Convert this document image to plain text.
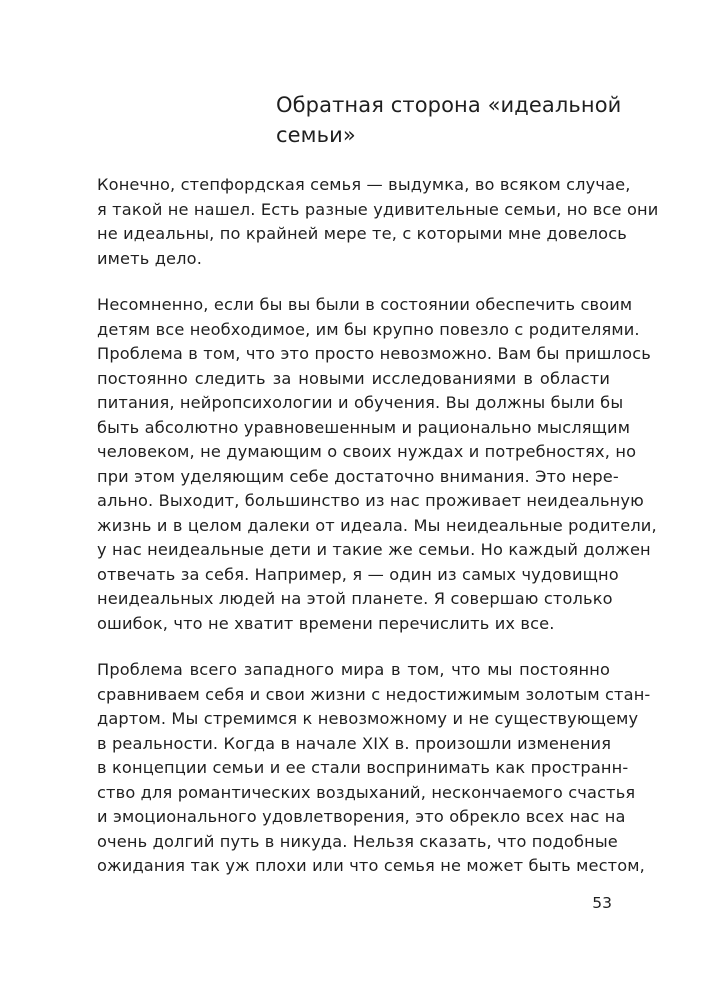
Обратная сторона «идеальной
семьи»

Конечно, степфордская семья — выдумка, во всяком случае,
я такой не нашел. Есть разные удивительные семьи, но все они
не идеальны, по крайней мере те, с которыми мне довелось
иметь дело.

Несомненно, если бы вы были в состоянии обеспечить своим
детям все необходимое, им бы крупно повезло с родителями.
Проблема в том, что это просто невозможно. Вам бы пришлось
постоянно следить за новыми исследованиями в области
питания, нейропсихологии и обучения. Вы должны были бы
быть абсолютно уравновешенным и рационально мыслящим
человеком, не думающим о своих нуждах и потребностях, но
при этом уделяющим себе достаточно внимания. Это нере-
ально. Выходит, большинство из нас проживает неидеальную
жизнь и в целом далеки от идеала. Мы неидеальные родители,
у нас неидеальные дети и такие же семьи. Но каждый должен
отвечать за себя. Например, я — один из самых чудовищно
неидеальных людей на этой планете. Я совершаю столько
ошибок, что не хватит времени перечислить их все.

Проблема всего западного мира в том, что мы постоянно
сравниваем себя и свои жизни с недостижимым золотым стан-
дартом. Мы стремимся к невозможному и не существующему
в реальности. Когда в начале XIX в. произошли изменения
в концепции семьи и ее стали воспринимать как пространн-
ство для романтических воздыханий, нескончаемого счастья
и эмоционального удовлетворения, это обрекло всех нас на
очень долгий путь в никуда. Нельзя сказать, что подобные
ожидания так уж плохи или что семья не может быть местом,

53
